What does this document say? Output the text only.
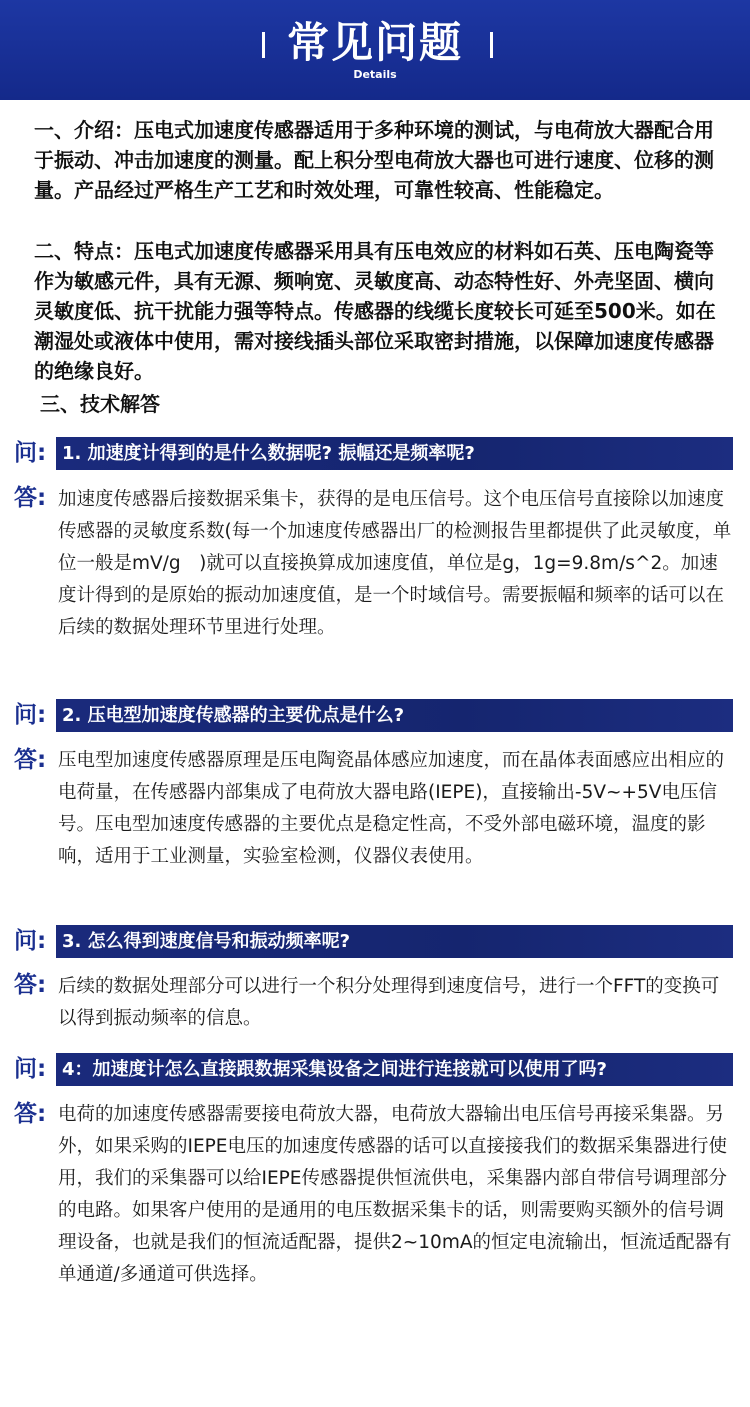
常见问题
Details
一、介绍：压电式加速度传感器适用于多种环境的测试，与电荷放大器配合用于振动、冲击加速度的测量。配上积分型电荷放大器也可进行速度、位移的测量。产品经过严格生产工艺和时效处理，可靠性较高、性能稳定。
二、特点：压电式加速度传感器采用具有压电效应的材料如石英、压电陶瓷等作为敏感元件，具有无源、频响宽、灵敏度高、动态特性好、外壳坚固、横向灵敏度低、抗干扰能力强等特点。传感器的线缆长度较长可延至500米。如在潮湿处或液体中使用，需对接线插头部位采取密封措施，以保障加速度传感器的绝缘良好。
三、技术解答
问: 1. 加速度计得到的是什么数据呢? 振幅还是频率呢?
答: 加速度传感器后接数据采集卡，获得的是电压信号。这个电压信号直接除以加速度传感器的灵敏度系数(每一个加速度传感器出厂的检测报告里都提供了此灵敏度，单位一般是mV/g　)就可以直接换算成加速度值，单位是g，1g=9.8m/s^2。加速度计得到的是原始的振动加速度值，是一个时域信号。需要振幅和频率的话可以在后续的数据处理环节里进行处理。
问: 2. 压电型加速度传感器的主要优点是什么?
答: 压电型加速度传感器原理是压电陶瓷晶体感应加速度，而在晶体表面感应出相应的电荷量，在传感器内部集成了电荷放大器电路(IEPE)，直接输出-5V~+5V电压信号。压电型加速度传感器的主要优点是稳定性高，不受外部电磁环境，温度的影响，适用于工业测量，实验室检测，仪器仪表使用。
问: 3. 怎么得到速度信号和振动频率呢?
答: 后续的数据处理部分可以进行一个积分处理得到速度信号，进行一个FFT的变换可以得到振动频率的信息。
问: 4：加速度计怎么直接跟数据采集设备之间进行连接就可以使用了吗?
答: 电荷的加速度传感器需要接电荷放大器，电荷放大器输出电压信号再接采集器。另外，如果采购的IEPE电压的加速度传感器的话可以直接接我们的数据采集器进行使用，我们的采集器可以给IEPE传感器提供恒流供电，采集器内部自带信号调理部分的电路。如果客户使用的是通用的电压数据采集卡的话，则需要购买额外的信号调理设备，也就是我们的恒流适配器，提供2~10mA的恒定电流输出，恒流适配器有单通道/多通道可供选择。
